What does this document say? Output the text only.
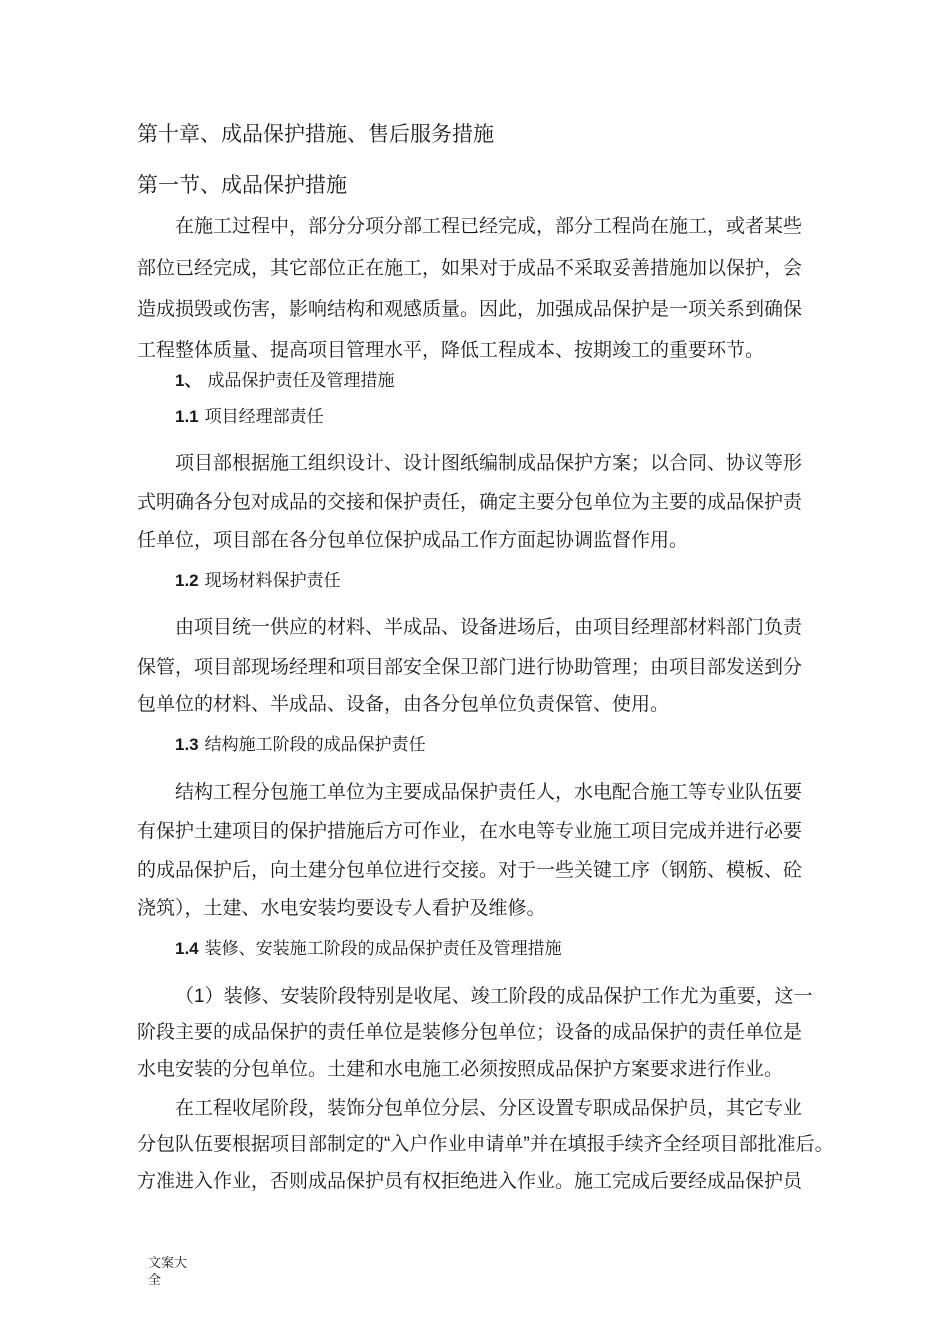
第十章、成品保护措施、售后服务措施
第一节、成品保护措施
在施工过程中，部分分项分部工程已经完成，部分工程尚在施工，或者某些
部位已经完成，其它部位正在施工，如果对于成品不采取妥善措施加以保护，会
造成损毁或伤害，影响结构和观感质量。因此，加强成品保护是一项关系到确保
工程整体质量、提高项目管理水平，降低工程成本、按期竣工的重要环节。
1、 成品保护责任及管理措施
1.1 项目经理部责任
项目部根据施工组织设计、设计图纸编制成品保护方案；以合同、协议等形
式明确各分包对成品的交接和保护责任，确定主要分包单位为主要的成品保护责
任单位，项目部在各分包单位保护成品工作方面起协调监督作用。
1.2 现场材料保护责任
由项目统一供应的材料、半成品、设备进场后，由项目经理部材料部门负责
保管，项目部现场经理和项目部安全保卫部门进行协助管理；由项目部发送到分
包单位的材料、半成品、设备，由各分包单位负责保管、使用。
1.3 结构施工阶段的成品保护责任
结构工程分包施工单位为主要成品保护责任人，水电配合施工等专业队伍要
有保护土建项目的保护措施后方可作业，在水电等专业施工项目完成并进行必要
的成品保护后，向土建分包单位进行交接。对于一些关键工序（钢筋、模板、砼
浇筑），土建、水电安装均要设专人看护及维修。
1.4 装修、安装施工阶段的成品保护责任及管理措施
（1）装修、安装阶段特别是收尾、竣工阶段的成品保护工作尤为重要，这一
阶段主要的成品保护的责任单位是装修分包单位；设备的成品保护的责任单位是
水电安装的分包单位。土建和水电施工必须按照成品保护方案要求进行作业。
在工程收尾阶段，装饰分包单位分层、分区设置专职成品保护员，其它专业
分包队伍要根据项目部制定的“入户作业申请单”并在填报手续齐全经项目部批准后。
方准进入作业，否则成品保护员有权拒绝进入作业。施工完成后要经成品保护员
文案大全
